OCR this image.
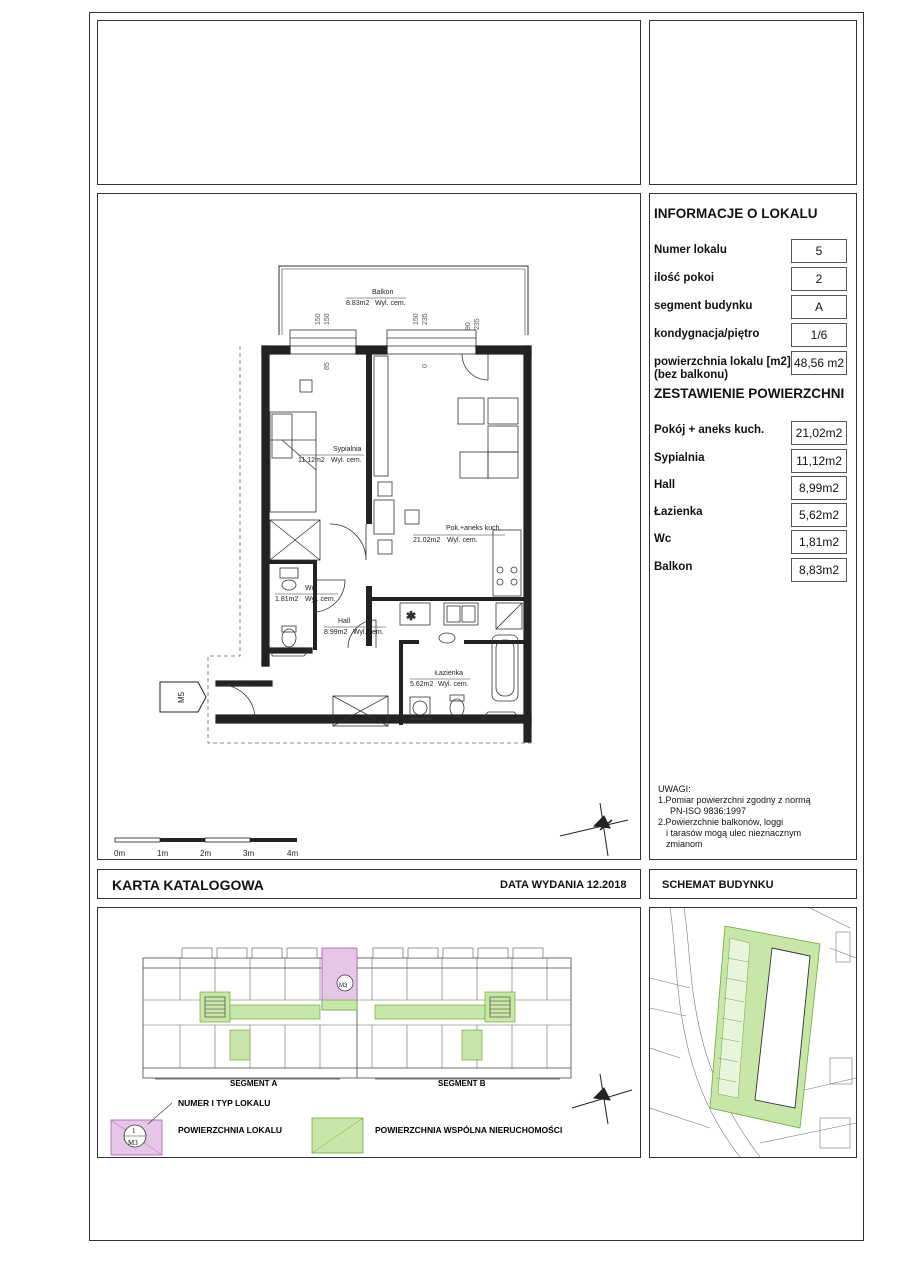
✱
Balkon
8.83m2 Wyl. cem.
Sypialnia
11.12m2 Wyl. cem.
Pok.+aneks kuch.
21.02m2 Wyl. cem.
Wc
1.81m2 Wyl. cem.
Hall
8.99m2 Wyl. cem.
Łazienka
5.62m2 Wyl. cem.
150 150	150 235
90 235
85	0
M5
0m	1m	2m	3m	4m
INFORMACJE O LOKALU
Numer lokalu	5
ilość pokoi	2
segment budynku	A
kondygnacja/piętro	1/6
powierzchnia lokalu [m2]
(bez balkonu)
48,56 m2
ZESTAWIENIE POWIERZCHNI
Pokój + aneks kuch.	21,02m2
Sypialnia	11,12m2
Hall	8,99m2
Łazienka	5,62m2
Wc	1,81m2
Balkon	8,83m2
UWAGI:
1.Pomiar powierzchni zgodny z normą
PN-ISO 9836:1997
2.Powierzchnie balkonów, loggi
i tarasów mogą ulec nieznacznym
zmianom
KARTA KATALOGOWA	DATA WYDANIA 12.2018	SCHEMAT BUDYNKU
M3
SEGMENT A	SEGMENT B
1
M3
NUMER I TYP LOKALU
POWIERZCHNIA LOKALU	POWIERZCHNIA WSPÓLNA NIERUCHOMOŚCI
